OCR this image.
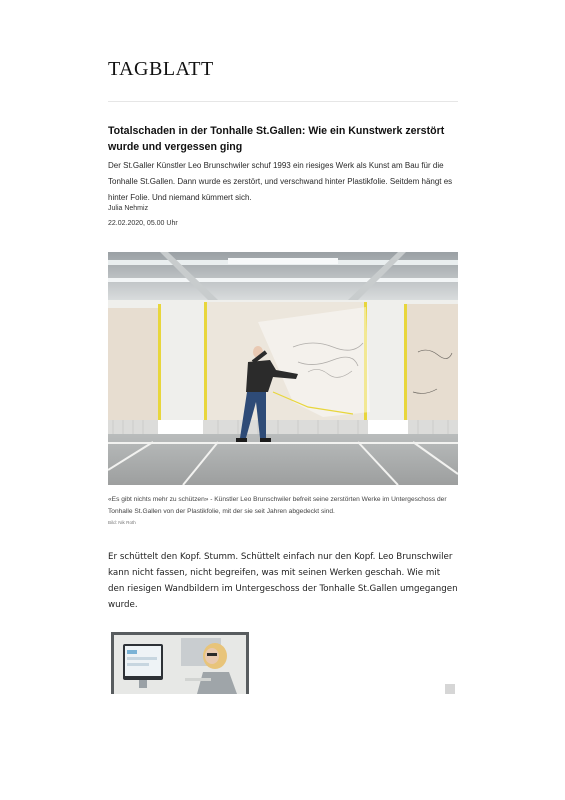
TAGBLATT
Totalschaden in der Tonhalle St.Gallen: Wie ein Kunstwerk zerstört wurde und vergessen ging

Der St.Galler Künstler Leo Brunschwiler schuf 1993 ein riesiges Werk als Kunst am Bau für die Tonhalle St.Gallen. Dann wurde es zerstört, und verschwand hinter Plastikfolie. Seitdem hängt es hinter Folie. Und niemand kümmert sich.

Julia Nehmiz
22.02.2020, 05.00 Uhr

«Es gibt nichts mehr zu schützen» - Künstler Leo Brunschwiler befreit seine zerstörten Werke im Untergeschoss der Tonhalle St.Gallen von der Plastikfolie, mit der sie seit Jahren abgedeckt sind.

Bild: Nik Roth

Er schüttelt den Kopf. Stumm. Schüttelt einfach nur den Kopf. Leo Brunschwiler kann nicht fassen, nicht begreifen, was mit seinen Werken geschah. Wie mit den riesigen Wandbildern im Untergeschoss der Tonhalle St.Gallen umgegangen wurde.
